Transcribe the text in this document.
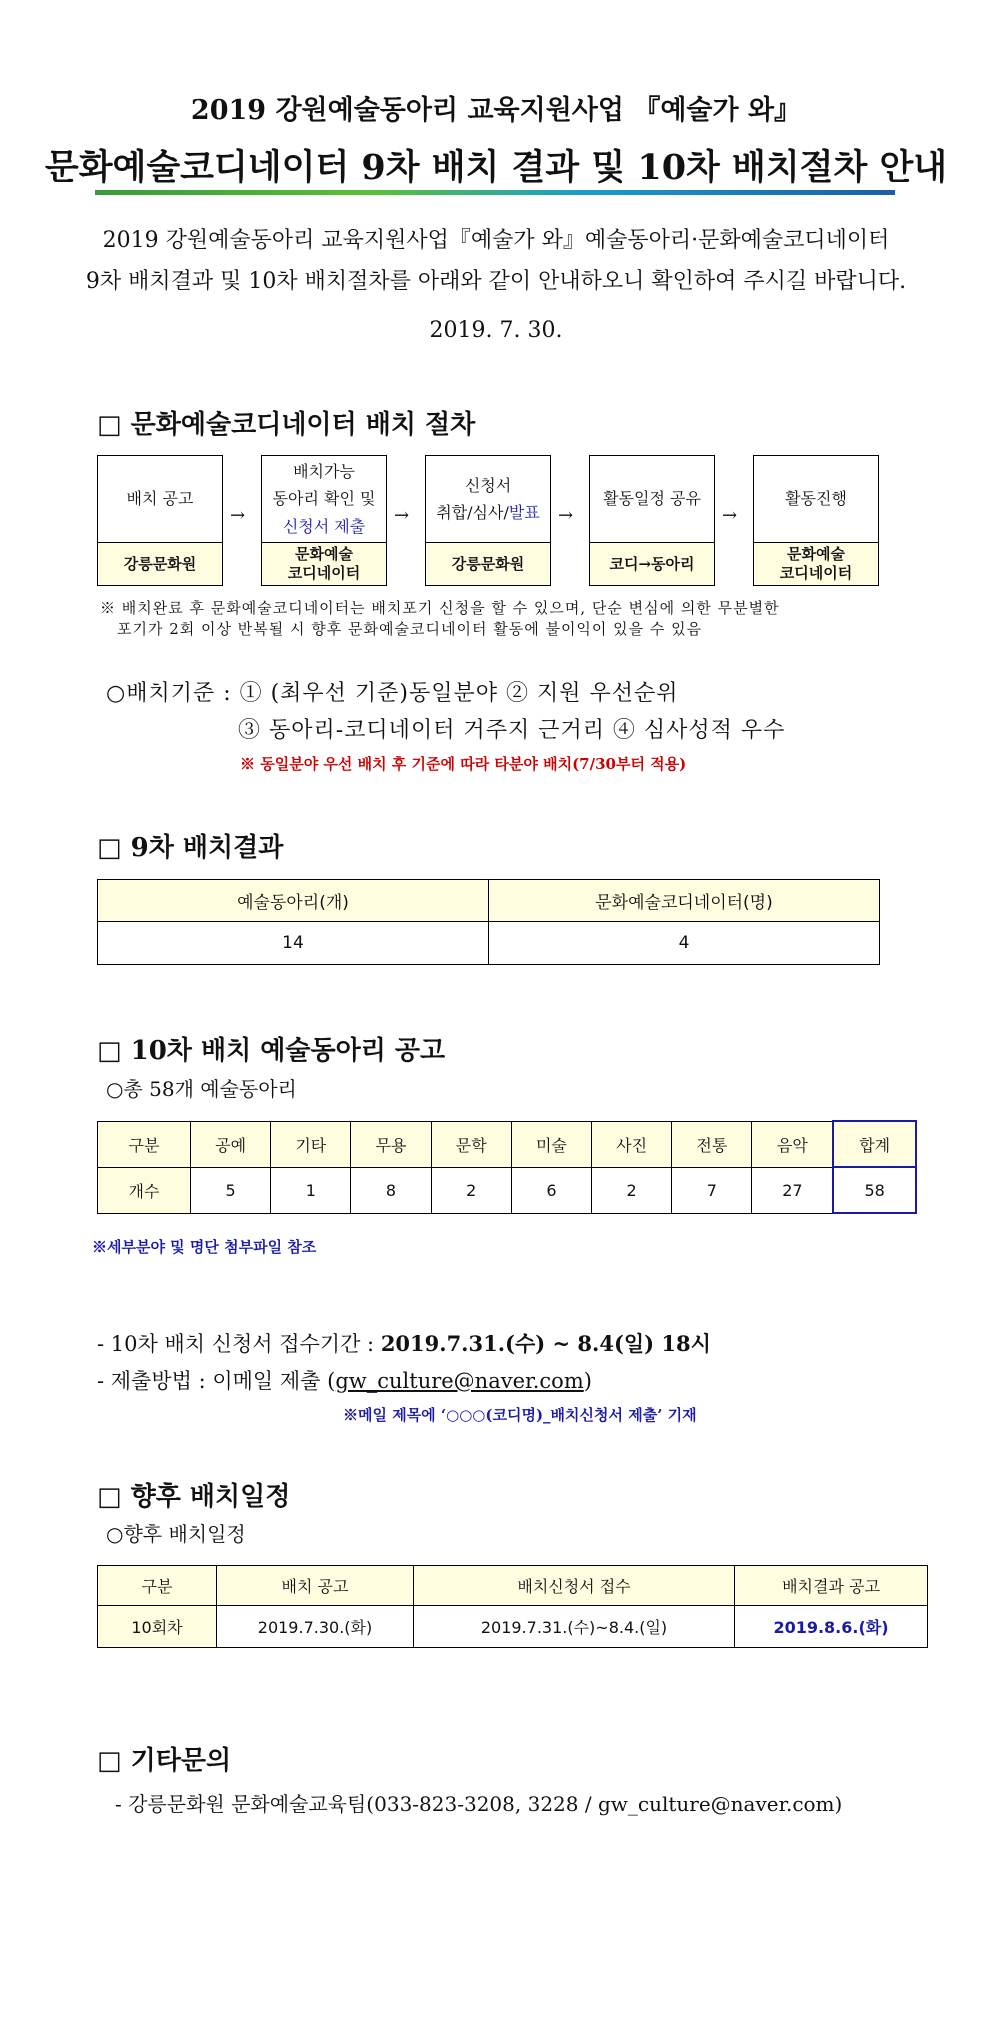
2019 강원예술동아리 교육지원사업 『예술가 와』
문화예술코디네이터 9차 배치 결과 및 10차 배치절차 안내
2019 강원예술동아리 교육지원사업『예술가 와』예술동아리·문화예술코디네이터
9차 배치결과 및 10차 배치절차를 아래와 같이 안내하오니 확인하여 주시길 바랍니다.
2019. 7. 30.
□ 문화예술코디네이터 배치 절차
배치 공고
강릉문화원
→
배치가능
동아리 확인 및
신청서 제출
문화예술
코디네이터
→
신청서
취합/심사/발표
강릉문화원
→
활동일정 공유
코디→동아리
→
활동진행
문화예술
코디네이터
※ 배치완료 후 문화예술코디네이터는 배치포기 신청을 할 수 있으며, 단순 변심에 의한 무분별한
포기가 2회 이상 반복될 시 향후 문화예술코디네이터 활동에 불이익이 있을 수 있음
○배치기준 : ① (최우선 기준)동일분야 ② 지원 우선순위
③ 동아리-코디네이터 거주지 근거리 ④ 심사성적 우수
※ 동일분야 우선 배치 후 기준에 따라 타분야 배치(7/30부터 적용)
□ 9차 배치결과
예술동아리(개)	문화예술코디네이터(명)
14	4
□ 10차 배치 예술동아리 공고
○총 58개 예술동아리
구분	공예	기타	무용	문학	미술	사진	전통	음악	합계
개수	5	1	8	2	6	2	7	27	58
※세부분야 및 명단 첨부파일 참조
- 10차 배치 신청서 접수기간 : 2019.7.31.(수) ~ 8.4(일) 18시
- 제출방법 : 이메일 제출 (gw_culture@naver.com)
※메일 제목에 ‘○○○(코디명)_배치신청서 제출’ 기재
□ 향후 배치일정
○향후 배치일정
구분	배치 공고	배치신청서 접수	배치결과 공고
10회차	2019.7.30.(화)	2019.7.31.(수)~8.4.(일)	2019.8.6.(화)
□ 기타문의
- 강릉문화원 문화예술교육팀(033-823-3208, 3228 / gw_culture@naver.com)
